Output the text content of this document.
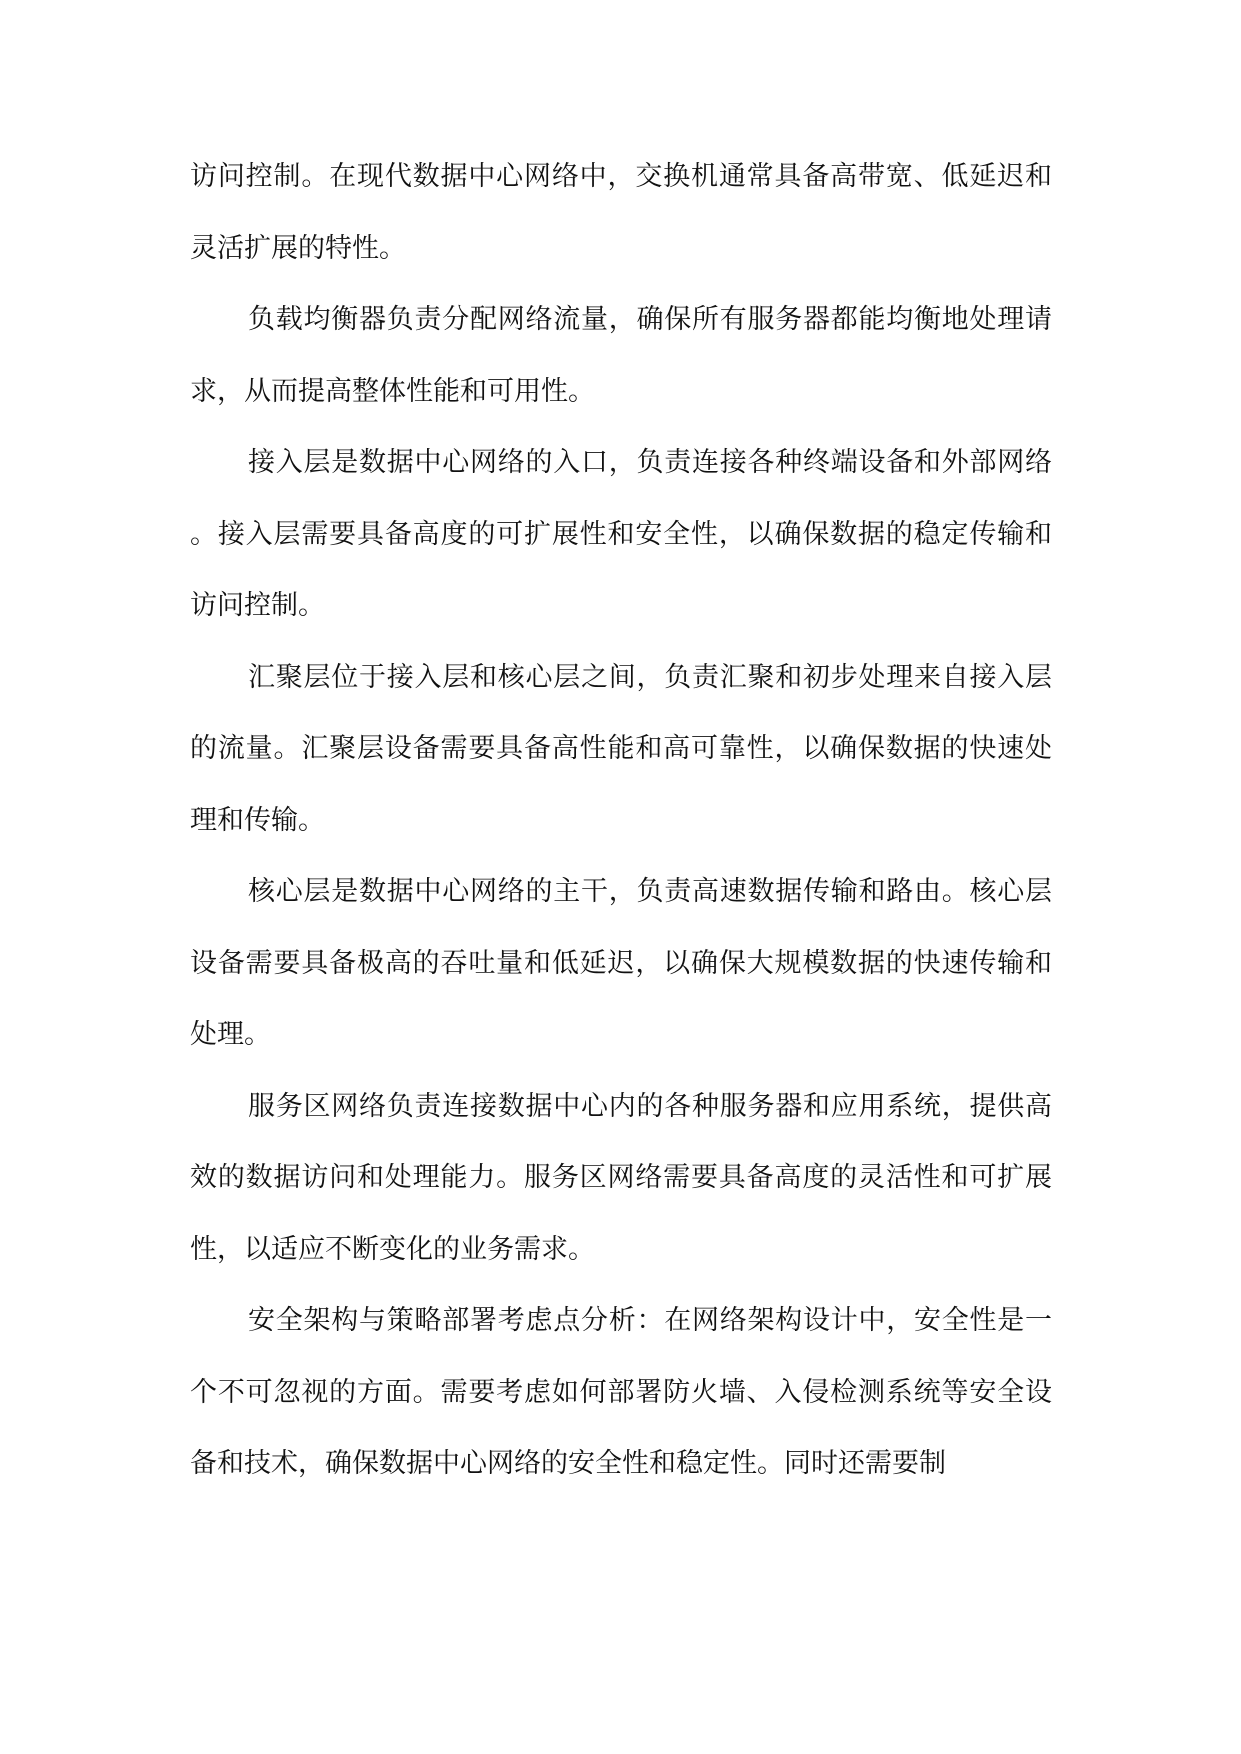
访问控制。在现代数据中心网络中，交换机通常具备高带宽、低延迟和灵活扩展的特性。

负载均衡器负责分配网络流量，确保所有服务器都能均衡地处理请求，从而提高整体性能和可用性。

接入层是数据中心网络的入口，负责连接各种终端设备和外部网络。接入层需要具备高度的可扩展性和安全性，以确保数据的稳定传输和访问控制。

汇聚层位于接入层和核心层之间，负责汇聚和初步处理来自接入层的流量。汇聚层设备需要具备高性能和高可靠性，以确保数据的快速处理和传输。

核心层是数据中心网络的主干，负责高速数据传输和路由。核心层设备需要具备极高的吞吐量和低延迟，以确保大规模数据的快速传输和处理。

服务区网络负责连接数据中心内的各种服务器和应用系统，提供高效的数据访问和处理能力。服务区网络需要具备高度的灵活性和可扩展性，以适应不断变化的业务需求。

安全架构与策略部署考虑点分析：在网络架构设计中，安全性是一个不可忽视的方面。需要考虑如何部署防火墙、入侵检测系统等安全设备和技术，确保数据中心网络的安全性和稳定性。同时还需要制
